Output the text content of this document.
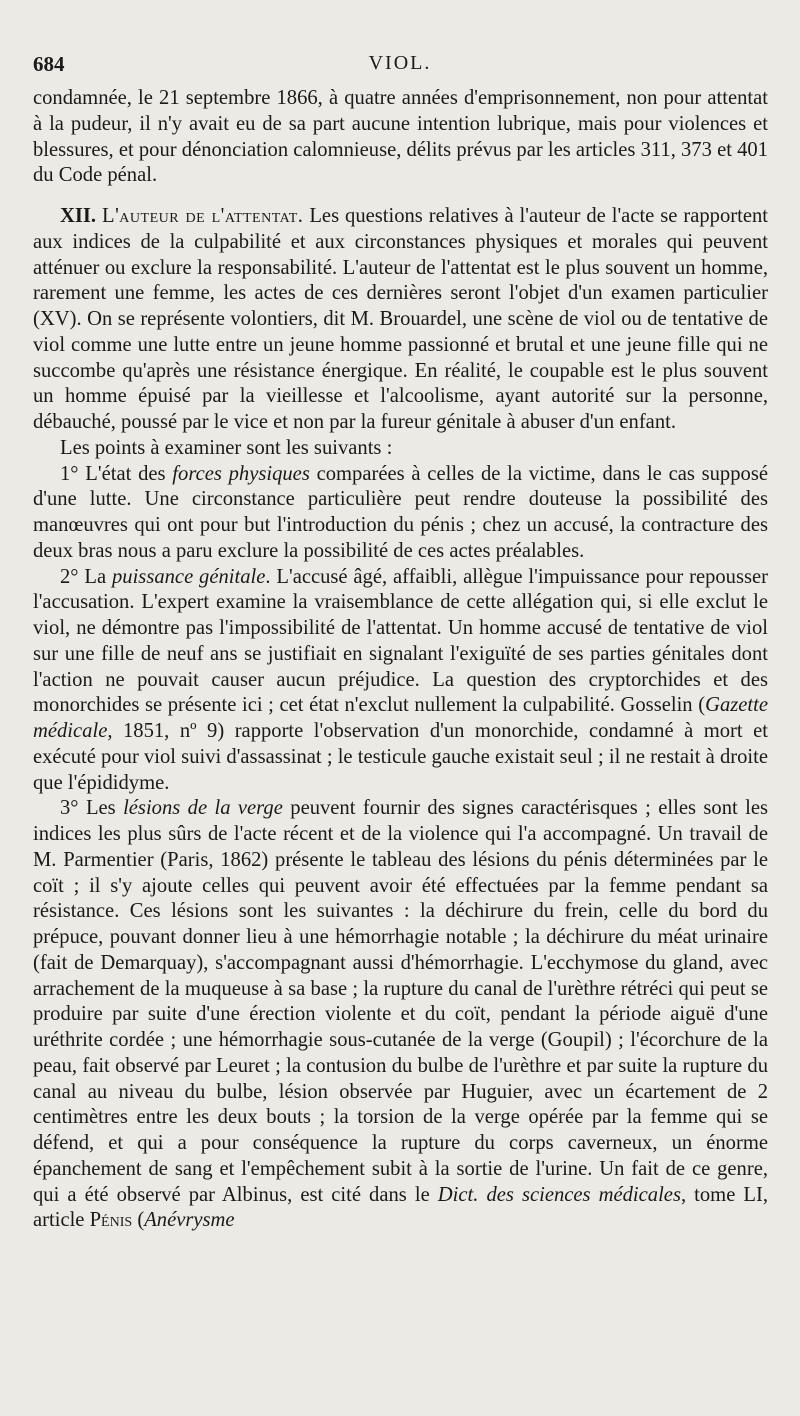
684	VIOL.

condamnée, le 21 septembre 1866, à quatre années d'emprisonnement, non pour attentat à la pudeur, il n'y avait eu de sa part aucune intention lubrique, mais pour violences et blessures, et pour dénonciation calomnieuse, délits prévus par les articles 311, 373 et 401 du Code pénal.

XII. L'auteur de l'attentat. Les questions relatives à l'auteur de l'acte se rapportent aux indices de la culpabilité et aux circonstances physiques et morales qui peuvent atténuer ou exclure la responsabilité. L'auteur de l'attentat est le plus souvent un homme, rarement une femme, les actes de ces dernières seront l'objet d'un examen particulier (XV). On se représente volontiers, dit M. Brouardel, une scène de viol ou de tentative de viol comme une lutte entre un jeune homme passionné et brutal et une jeune fille qui ne succombe qu'après une résistance énergique. En réalité, le coupable est le plus souvent un homme épuisé par la vieillesse et l'alcoolisme, ayant autorité sur la personne, débauché, poussé par le vice et non par la fureur génitale à abuser d'un enfant.

Les points à examiner sont les suivants :

1° L'état des forces physiques comparées à celles de la victime, dans le cas supposé d'une lutte. Une circonstance particulière peut rendre douteuse la possibilité des manœuvres qui ont pour but l'introduction du pénis ; chez un accusé, la contracture des deux bras nous a paru exclure la possibilité de ces actes préalables.

2° La puissance génitale. L'accusé âgé, affaibli, allègue l'impuissance pour repousser l'accusation. L'expert examine la vraisemblance de cette allégation qui, si elle exclut le viol, ne démontre pas l'impossibilité de l'attentat. Un homme accusé de tentative de viol sur une fille de neuf ans se justifiait en signalant l'exiguïté de ses parties génitales dont l'action ne pouvait causer aucun préjudice. La question des cryptorchides et des monorchides se présente ici ; cet état n'exclut nullement la culpabilité. Gosselin (Gazette médicale, 1851, nº 9) rapporte l'observation d'un monorchide, condamné à mort et exécuté pour viol suivi d'assassinat ; le testicule gauche existait seul ; il ne restait à droite que l'épididyme.

3° Les lésions de la verge peuvent fournir des signes caractérisques ; elles sont les indices les plus sûrs de l'acte récent et de la violence qui l'a accompagné. Un travail de M. Parmentier (Paris, 1862) présente le tableau des lésions du pénis déterminées par le coït ; il s'y ajoute celles qui peuvent avoir été effectuées par la femme pendant sa résistance. Ces lésions sont les suivantes : la déchirure du frein, celle du bord du prépuce, pouvant donner lieu à une hémorrhagie notable ; la déchirure du méat urinaire (fait de Demarquay), s'accompagnant aussi d'hémorrhagie. L'ecchymose du gland, avec arrachement de la muqueuse à sa base ; la rupture du canal de l'urèthre rétréci qui peut se produire par suite d'une érection violente et du coït, pendant la période aiguë d'une uréthrite cordée ; une hémorrhagie sous-cutanée de la verge (Goupil) ; l'écorchure de la peau, fait observé par Leuret ; la contusion du bulbe de l'urèthre et par suite la rupture du canal au niveau du bulbe, lésion observée par Huguier, avec un écartement de 2 centimètres entre les deux bouts ; la torsion de la verge opérée par la femme qui se défend, et qui a pour conséquence la rupture du corps caverneux, un énorme épanchement de sang et l'empêchement subit à la sortie de l'urine. Un fait de ce genre, qui a été observé par Albinus, est cité dans le Dict. des sciences médicales, tome LI, article Pénis (Anévrysme
